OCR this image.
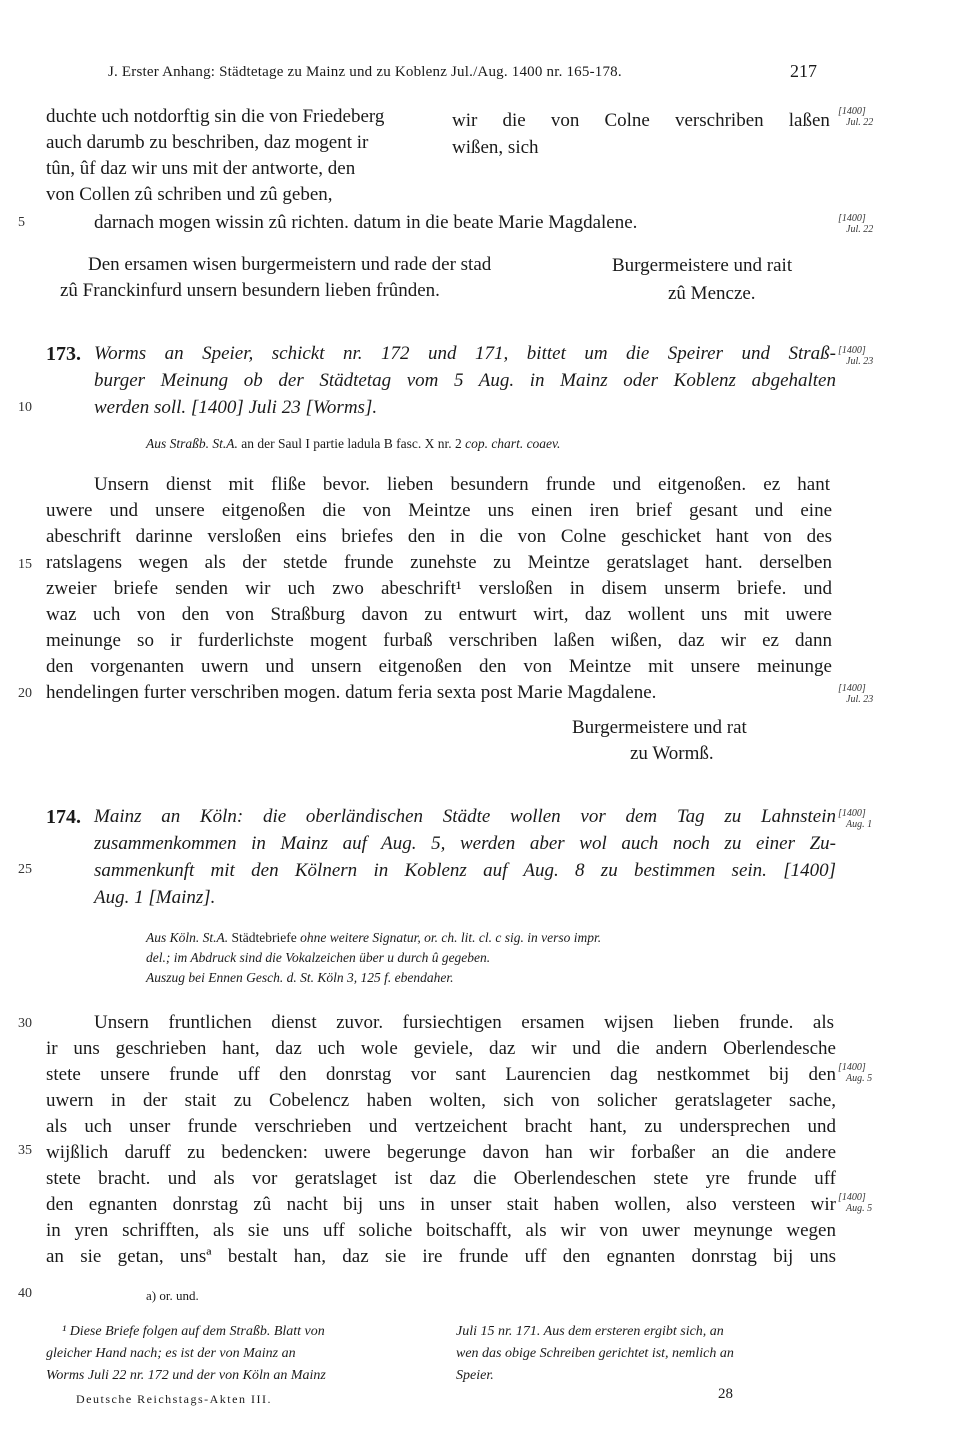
J. Erster Anhang: Städtetage zu Mainz und zu Koblenz Jul./Aug. 1400 nr. 165-178.	217
5
10
15
20
25
30
35
40
duchte uch notdorftig sin die von Friedeberg
auch darumb zu beschriben, daz mogent ir
tûn, ûf daz wir uns mit der antworte, den
von Collen zû schriben und zû geben,
wir die von Colne verschriben laßen
wißen, sich
[1400]
Jul. 22
darnach mogen wissin zû richten. datum in die beate Marie Magdalene.	[1400]
Jul. 22
Den ersamen wisen burgermeistern und rade der stad
zû Franckinfurd unsern besundern lieben frûnden.
Burgermeistere und rait
zû Mencze.
173. Worms an Speier, schickt nr. 172 und 171, bittet um die Speirer und Straß-
burger Meinung ob der Städtetag vom 5 Aug. in Mainz oder Koblenz abgehalten
werden soll. [1400] Juli 23 [Worms].
[1400]
Jul. 23
Aus Straßb. St.A. an der Saul I partie ladula B fasc. X nr. 2 cop. chart. coaev.
Unsern dienst mit fliße bevor. lieben besundern frunde und eitgenoßen. ez hant
uwere und unsere eitgenoßen die von Meintze uns einen iren brief gesant und eine
abeschrift darinne versloßen eins briefes den in die von Colne geschicket hant von des
ratslagens wegen als der stetde frunde zunehste zu Meintze geratslaget hant. derselben
zweier briefe senden wir uch zwo abeschrift¹ versloßen in disem unserm briefe. und
waz uch von den von Straßburg davon zu entwurt wirt, daz wollent uns mit uwere
meinunge so ir furderlichste mogent furbaß verschriben laßen wißen, daz wir ez dann
den vorgenanten uwern und unsern eitgenoßen den von Meintze mit unsere meinunge
hendelingen furter verschriben mogen. datum feria sexta post Marie Magdalene.	[1400]
Jul. 23
Burgermeistere und rat
zu Wormß.
174. Mainz an Köln: die oberländischen Städte wollen vor dem Tag zu Lahnstein
zusammenkommen in Mainz auf Aug. 5, werden aber wol auch noch zu einer Zu-
sammenkunft mit den Kölnern in Koblenz auf Aug. 8 zu bestimmen sein. [1400]
Aug. 1 [Mainz].
[1400]
Aug. 1
Aus Köln. St.A. Städtebriefe ohne weitere Signatur, or. ch. lit. cl. c sig. in verso impr.
del.; im Abdruck sind die Vokalzeichen über u durch û gegeben.
Auszug bei Ennen Gesch. d. St. Köln 3, 125 f. ebendaher.
Unsern fruntlichen dienst zuvor. fursiechtigen ersamen wijsen lieben frunde. als
ir uns geschrieben hant, daz uch wole geviele, daz wir und die andern Oberlendesche
stete unsere frunde uff den donrstag vor sant Laurencien dag nestkommet bij den
uwern in der stait zu Cobelencz haben wolten, sich von solicher geratslageter sache,
als uch unser frunde verschrieben und vertzeichent bracht hant, zu undersprechen und
wijßlich daruff zu bedencken: uwere begerunge davon han wir forbaßer an die andere
stete bracht. und als vor geratslaget ist daz die Oberlendeschen stete yre frunde uff
den egnanten donrstag zû nacht bij uns in unser stait haben wollen, also versteen wir
in yren schrifften, als sie uns uff soliche boitschafft, als wir von uwer meynunge wegen
an sie getan, unsª bestalt han, daz sie ire frunde uff den egnanten donrstag bij uns
[1400]
Aug. 5
[1400]
Aug. 5
a) or. und.
¹ Diese Briefe folgen auf dem Straßb. Blatt von
gleicher Hand nach; es ist der von Mainz an
Worms Juli 22 nr. 172 und der von Köln an Mainz
Juli 15 nr. 171. Aus dem ersteren ergibt sich, an
wen das obige Schreiben gerichtet ist, nemlich an
Speier.
Deutsche Reichstags-Akten III.	28
